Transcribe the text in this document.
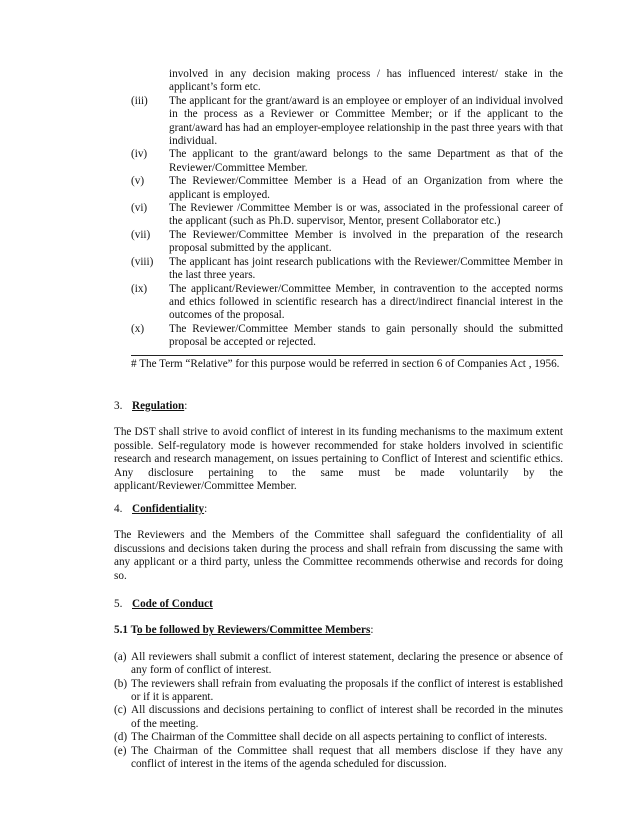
involved in any decision making process / has influenced interest/ stake in the applicant’s form etc.
(iii)	The applicant for the grant/award is an employee or employer of an individual involved in the process as a Reviewer or Committee Member; or if the applicant to the grant/award has had an employer-employee relationship in the past three years with that individual.
(iv)	The applicant to the grant/award belongs to the same Department as that of the Reviewer/Committee Member.
(v)	The Reviewer/Committee Member is a Head of an Organization from where the applicant is employed.
(vi)	The Reviewer /Committee Member is or was, associated in the professional career of the applicant (such as Ph.D. supervisor, Mentor, present Collaborator etc.)
(vii)	The Reviewer/Committee Member is involved in the preparation of the research proposal submitted by the applicant.
(viii)	The applicant has joint research publications with the Reviewer/Committee Member in the last three years.
(ix)	The applicant/Reviewer/Committee Member, in contravention to the accepted norms and ethics followed in scientific research has a direct/indirect financial interest in the outcomes of the proposal.
(x)	The Reviewer/Committee Member stands to gain personally should the submitted proposal be accepted or rejected.
# The Term “Relative” for this purpose would be referred in section 6 of Companies Act , 1956.
3. Regulation :
The DST shall strive to avoid conflict of interest in its funding mechanisms to the maximum extent possible. Self-regulatory mode is however recommended for stake holders involved in scientific research and research management, on issues pertaining to Conflict of Interest and scientific ethics. Any disclosure pertaining to the same must be made voluntarily by the applicant/Reviewer/Committee Member.
4. Confidentiality :
The Reviewers and the Members of the Committee shall safeguard the confidentiality of all discussions and decisions taken during the process and shall refrain from discussing the same with any applicant or a third party, unless the Committee recommends otherwise and records for doing so.
5. Code of Conduct
5.1 To be followed by Reviewers/Committee Members:
(a) All reviewers shall submit a conflict of interest statement, declaring the presence or absence of any form of conflict of interest.
(b) The reviewers shall refrain from evaluating the proposals if the conflict of interest is established or if it is apparent.
(c) All discussions and decisions pertaining to conflict of interest shall be recorded in the minutes of the meeting.
(d) The Chairman of the Committee shall decide on all aspects pertaining to conflict of interests.
(e) The Chairman of the Committee shall request that all members disclose if they have any conflict of interest in the items of the agenda scheduled for discussion.
